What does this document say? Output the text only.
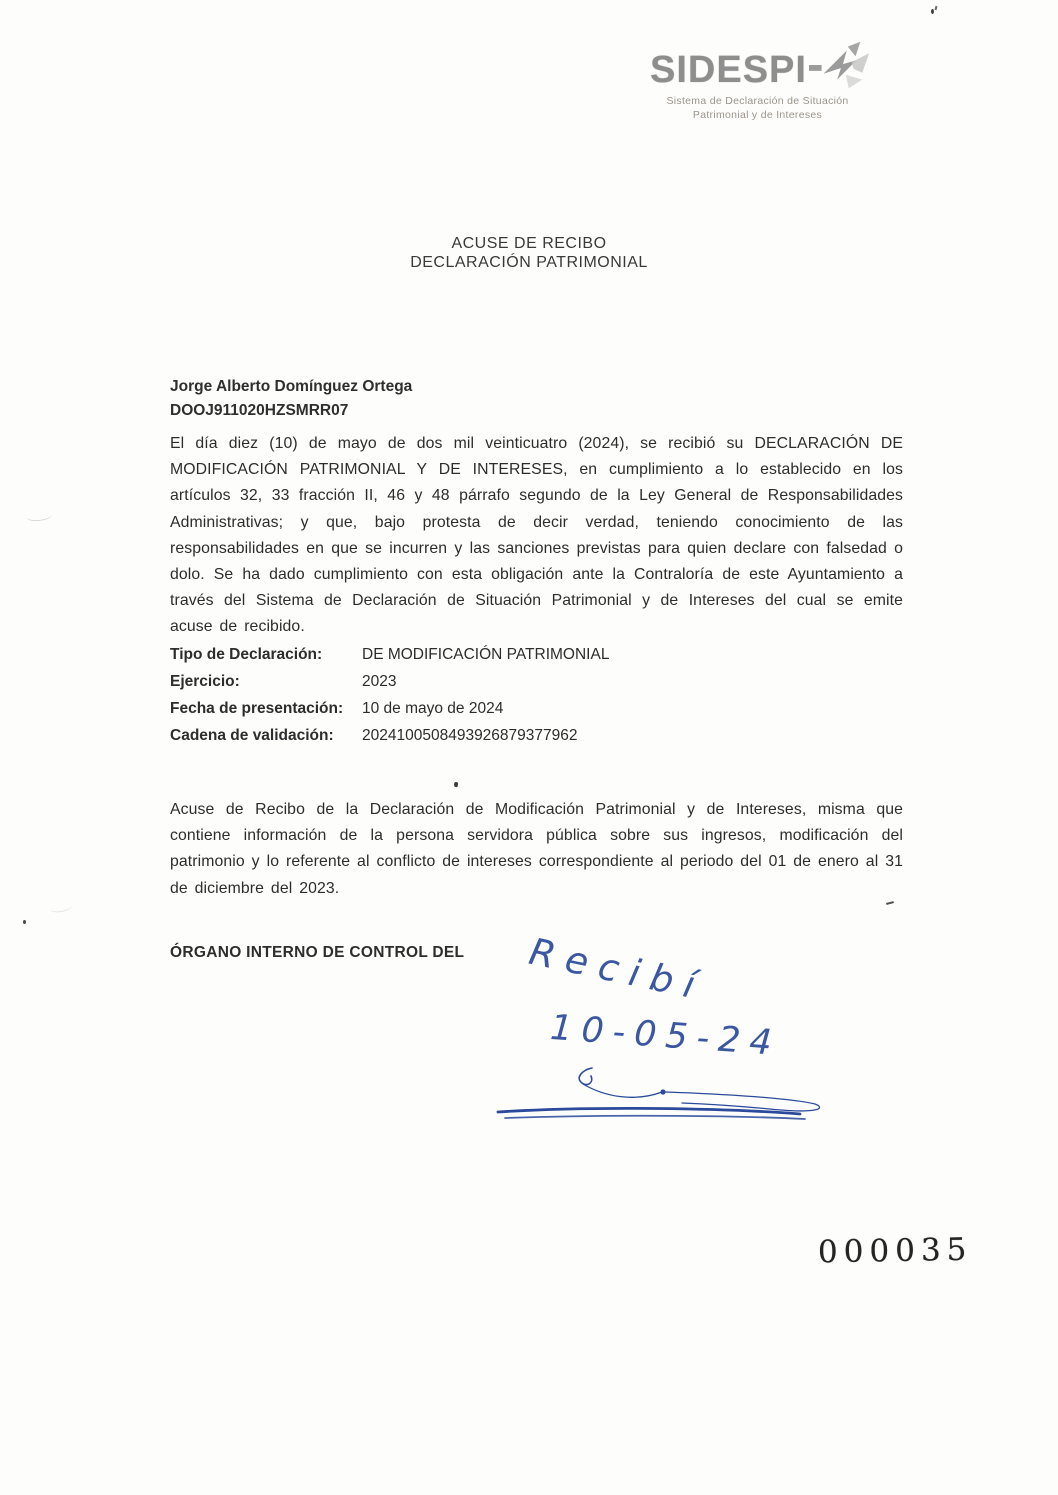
SIDESPI
Sistema de Declaración de Situación
Patrimonial y de Intereses
ACUSE DE RECIBO
DECLARACIÓN PATRIMONIAL
Jorge Alberto Domínguez Ortega
DOOJ911020HZSMRR07

El día diez (10) de mayo de dos mil veinticuatro (2024), se recibió su DECLARACIÓN DE MODIFICACIÓN PATRIMONIAL Y DE INTERESES, en cumplimiento a lo establecido en los artículos 32, 33 fracción II, 46 y 48 párrafo segundo de la Ley General de Responsabilidades Administrativas; y que, bajo protesta de decir verdad, teniendo conocimiento de las responsabilidades en que se incurren y las sanciones previstas para quien declare con falsedad o dolo. Se ha dado cumplimiento con esta obligación ante la Contraloría de este Ayuntamiento a través del Sistema de Declaración de Situación Patrimonial y de Intereses del cual se emite acuse de recibido.

Tipo de Declaración:	DE MODIFICACIÓN PATRIMONIAL
Ejercicio:	2023
Fecha de presentación: 10 de mayo de 2024
Cadena de validación: 2024100508493926879377962

Acuse de Recibo de la Declaración de Modificación Patrimonial y de Intereses, misma que contiene información de la persona servidora pública sobre sus ingresos, modificación del patrimonio y lo referente al conflicto de intereses correspondiente al periodo del 01 de enero al 31 de diciembre del 2023.

ÓRGANO INTERNO DE CONTROL DEL Recibí
10-05-24
000035
